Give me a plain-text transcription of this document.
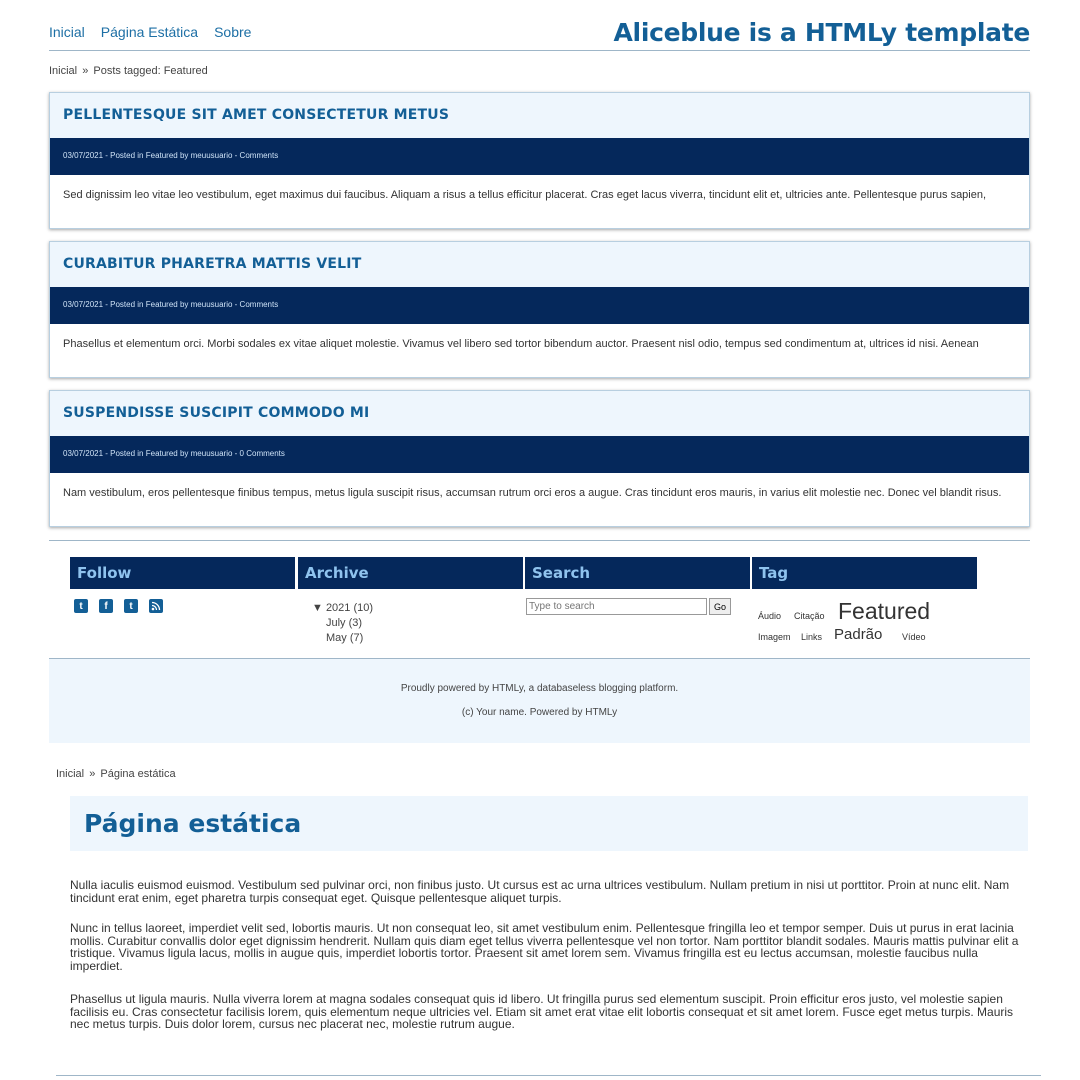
Inicial Página Estática Sobre	Aliceblue is a HTMLy template
Inicial » Posts tagged: Featured
PELLENTESQUE SIT AMET CONSECTETUR METUS
03/07/2021 - Posted in Featured by meuusuario - Comments
Sed dignissim leo vitae leo vestibulum, eget maximus dui faucibus. Aliquam a risus a tellus efficitur placerat. Cras eget lacus viverra, tincidunt elit et, ultricies ante. Pellentesque purus sapien,
CURABITUR PHARETRA MATTIS VELIT
03/07/2021 - Posted in Featured by meuusuario - Comments
Phasellus et elementum orci. Morbi sodales ex vitae aliquet molestie. Vivamus vel libero sed tortor bibendum auctor. Praesent nisl odio, tempus sed condimentum at, ultrices id nisi. Aenean
SUSPENDISSE SUSCIPIT COMMODO MI
03/07/2021 - Posted in Featured by meuusuario - 0 Comments
Nam vestibulum, eros pellentesque finibus tempus, metus ligula suscipit risus, accumsan rutrum orci eros a augue. Cras tincidunt eros mauris, in varius elit molestie nec. Donec vel blandit risus.
Follow
t	f	t
Archive
▼ 2021 (10)
July (3)
May (7)
Search
Type to search
Go
Tag
Áudio Citação Featured
Imagem Links Padrão Vídeo
Proudly powered by HTMLy, a databaseless blogging platform.
(c) Your name. Powered by HTMLy
Inicial » Página estática
Página estática
Nulla iaculis euismod euismod. Vestibulum sed pulvinar orci, non finibus justo. Ut cursus est ac urna ultrices vestibulum. Nullam pretium in nisi ut porttitor. Proin at nunc elit. Nam tincidunt erat enim, eget pharetra turpis consequat eget. Quisque pellentesque aliquet turpis.
Nunc in tellus laoreet, imperdiet velit sed, lobortis mauris. Ut non consequat leo, sit amet vestibulum enim. Pellentesque fringilla leo et tempor semper. Duis ut purus in erat lacinia mollis. Curabitur convallis dolor eget dignissim hendrerit. Nullam quis diam eget tellus viverra pellentesque vel non tortor. Nam porttitor blandit sodales. Mauris mattis pulvinar elit a tristique. Vivamus ligula lacus, mollis in augue quis, imperdiet lobortis tortor. Praesent sit amet lorem sem. Vivamus fringilla est eu lectus accumsan, molestie faucibus nulla imperdiet.
Phasellus ut ligula mauris. Nulla viverra lorem at magna sodales consequat quis id libero. Ut fringilla purus sed elementum suscipit. Proin efficitur eros justo, vel molestie sapien facilisis eu. Cras consectetur facilisis lorem, quis elementum neque ultricies vel. Etiam sit amet erat vitae elit lobortis consequat et sit amet lorem. Fusce eget metus turpis. Mauris nec metus turpis. Duis dolor lorem, cursus nec placerat nec, molestie rutrum augue.
